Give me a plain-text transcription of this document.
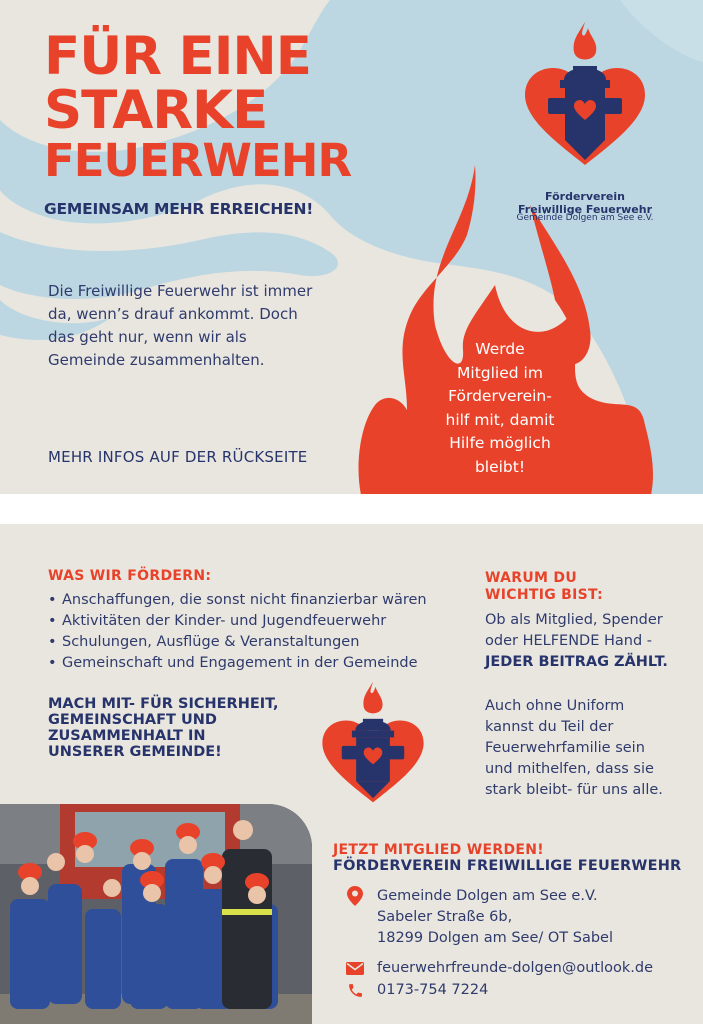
FÜR EINE
STARKE
FEUERWEHR
GEMEINSAM MEHR ERREICHEN!
Die Freiwillige Feuerwehr ist immer
da, wenn’s drauf ankommt. Doch
das geht nur, wenn wir als
Gemeinde zusammenhalten.
MEHR INFOS AUF DER RÜCKSEITE
Förderverein
Freiwillige Feuerwehr
Gemeinde Dolgen am See e.V.
Werde
Mitglied im
Förderverein-
hilf mit, damit
Hilfe möglich
bleibt!
WAS WIR FÖRDERN:
• Anschaffungen, die sonst nicht finanzierbar wären
• Aktivitäten der Kinder- und Jugendfeuerwehr
• Schulungen, Ausflüge & Veranstaltungen
• Gemeinschaft und Engagement in der Gemeinde
MACH MIT- FÜR SICHERHEIT,
GEMEINSCHAFT UND
ZUSAMMENHALT IN
UNSERER GEMEINDE!
WARUM DU
WICHTIG BIST:
Ob als Mitglied, Spender
oder HELFENDE Hand -
JEDER BEITRAG ZÄHLT.
Auch ohne Uniform
kannst du Teil der
Feuerwehrfamilie sein
und mithelfen, dass sie
stark bleibt- für uns alle.
JETZT MITGLIED WERDEN!
FÖRDERVEREIN FREIWILLIGE FEUERWEHR
Gemeinde Dolgen am See e.V.
Sabeler Straße 6b,
18299 Dolgen am See/ OT Sabel
feuerwehrfreunde-dolgen@outlook.de
0173-754 7224
